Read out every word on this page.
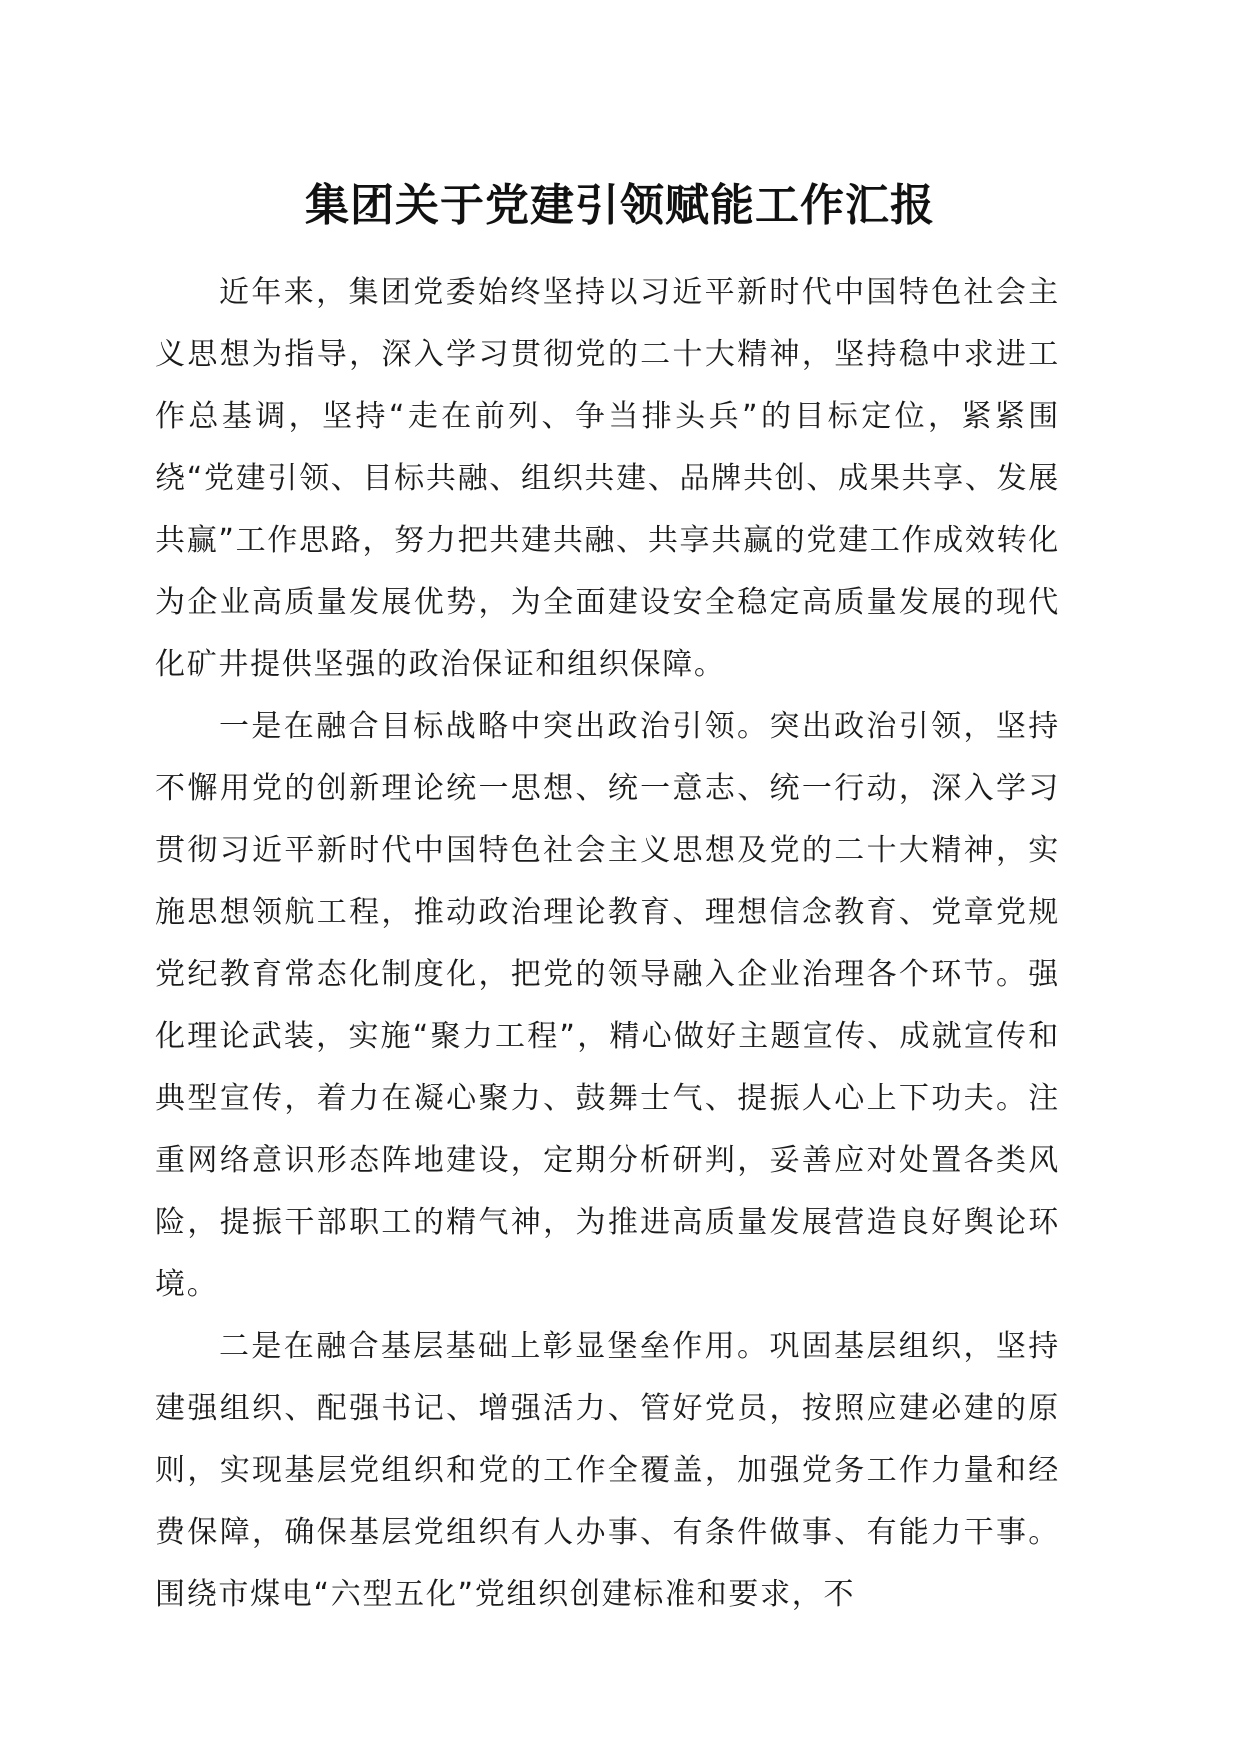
集团关于党建引领赋能工作汇报

近年来，集团党委始终坚持以习近平新时代中国特色社会主义思想为指导，深入学习贯彻党的二十大精神，坚持稳中求进工作总基调，坚持“走在前列、争当排头兵”的目标定位，紧紧围绕“党建引领、目标共融、组织共建、品牌共创、成果共享、发展共赢”工作思路，努力把共建共融、共享共赢的党建工作成效转化为企业高质量发展优势，为全面建设安全稳定高质量发展的现代化矿井提供坚强的政治保证和组织保障。

一是在融合目标战略中突出政治引领。突出政治引领，坚持不懈用党的创新理论统一思想、统一意志、统一行动，深入学习贯彻习近平新时代中国特色社会主义思想及党的二十大精神，实施思想领航工程，推动政治理论教育、理想信念教育、党章党规党纪教育常态化制度化，把党的领导融入企业治理各个环节。强化理论武装，实施“聚力工程”，精心做好主题宣传、成就宣传和典型宣传，着力在凝心聚力、鼓舞士气、提振人心上下功夫。注重网络意识形态阵地建设，定期分析研判，妥善应对处置各类风险，提振干部职工的精气神，为推进高质量发展营造良好舆论环境。

二是在融合基层基础上彰显堡垒作用。巩固基层组织，坚持建强组织、配强书记、增强活力、管好党员，按照应建必建的原则，实现基层党组织和党的工作全覆盖，加强党务工作力量和经费保障，确保基层党组织有人办事、有条件做事、有能力干事。围绕市煤电“六型五化”党组织创建标准和要求，不
